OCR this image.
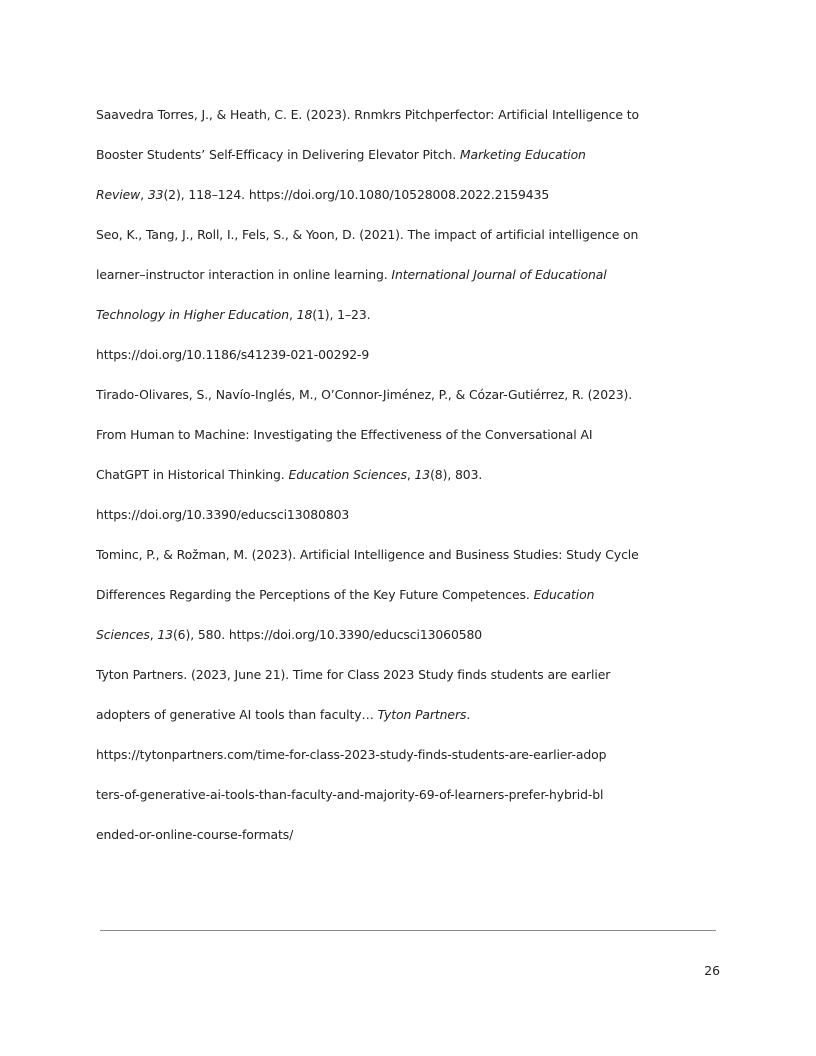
Saavedra Torres, J., & Heath, C. E. (2023). Rnmkrs Pitchperfector: Artificial Intelligence to
Booster Students’ Self-Efficacy in Delivering Elevator Pitch. Marketing Education
Review, 33(2), 118–124. https://doi.org/10.1080/10528008.2022.2159435

Seo, K., Tang, J., Roll, I., Fels, S., & Yoon, D. (2021). The impact of artificial intelligence on
learner–instructor interaction in online learning. International Journal of Educational
Technology in Higher Education, 18(1), 1–23.
https://doi.org/10.1186/s41239-021-00292-9

Tirado-Olivares, S., Navío-Inglés, M., O’Connor-Jiménez, P., & Cózar-Gutiérrez, R. (2023).
From Human to Machine: Investigating the Effectiveness of the Conversational AI
ChatGPT in Historical Thinking. Education Sciences, 13(8), 803.
https://doi.org/10.3390/educsci13080803

Tominc, P., & Rožman, M. (2023). Artificial Intelligence and Business Studies: Study Cycle
Differences Regarding the Perceptions of the Key Future Competences. Education
Sciences, 13(6), 580. https://doi.org/10.3390/educsci13060580

Tyton Partners. (2023, June 21). Time for Class 2023 Study finds students are earlier
adopters of generative AI tools than faculty… Tyton Partners.
https://tytonpartners.com/time-for-class-2023-study-finds-students-are-earlier-adop
ters-of-generative-ai-tools-than-faculty-and-majority-69-of-learners-prefer-hybrid-bl
ended-or-online-course-formats/

26
